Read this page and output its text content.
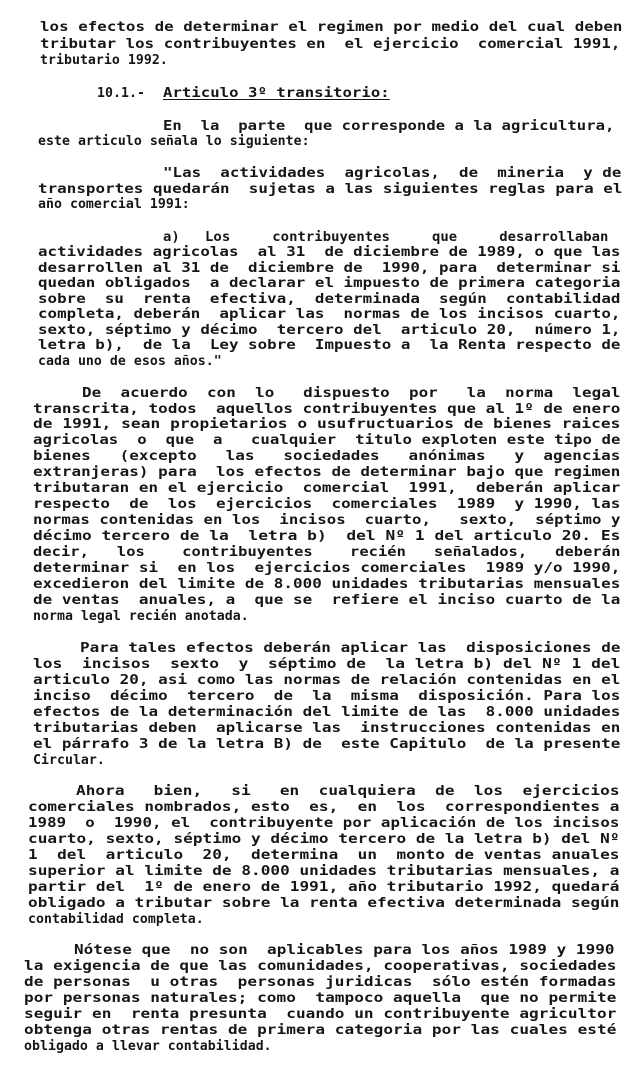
los efectos de determinar el regimen por medio del cual deben
tributar los contribuyentes en  el ejercicio  comercial 1991,
tributario 1992.
10.1.- Articulo 3º transitorio:
En  la  parte  que corresponde a la agricultura,
este articulo señala lo siguiente:
"Las  actividades  agricolas,  de  mineria  y de
transportes quedarán  sujetas a las siguientes reglas para el
año comercial 1991:
a)   Los     contribuyentes     que     desarrollaban
actividades agricolas  al 31  de diciembre de 1989, o que las
desarrollen al 31 de  diciembre de  1990, para  determinar si
quedan obligados  a declarar el impuesto de primera categoria
sobre  su  renta  efectiva,  determinada  según  contabilidad
completa, deberán  aplicar las  normas de los incisos cuarto,
sexto, séptimo y décimo  tercero del  articulo 20,  número 1,
letra b),  de la  Ley sobre  Impuesto a  la Renta respecto de
cada uno de esos años."
De  acuerdo  con  lo   dispuesto  por   la  norma  legal
transcrita, todos  aquellos contribuyentes que al 1º de enero
de 1991, sean propietarios o usufructuarios de bienes raices
agricolas  o  que  a   cualquier  titulo exploten este tipo de
bienes   (excepto   las   sociedades   anónimas   y  agencias
extranjeras) para  los efectos de determinar bajo que regimen
tributaran en el ejercicio  comercial  1991,  deberán aplicar
respecto  de  los  ejercicios  comerciales  1989  y 1990, las
normas contenidas en los  incisos  cuarto,   sexto,  séptimo y
décimo tercero de la  letra b)  del Nº 1 del articulo 20. Es
decir,   los    contribuyentes    recién   señalados,   deberán
determinar si  en los  ejercicios comerciales  1989 y/o 1990,
excedieron del limite de 8.000 unidades tributarias mensuales
de ventas  anuales, a  que se  refiere el inciso cuarto de la
norma legal recién anotada.
Para tales efectos deberán aplicar las  disposiciones de
los  incisos  sexto  y  séptimo de  la letra b) del Nº 1 del
articulo 20, asi como las normas de relación contenidas en el
inciso  décimo  tercero  de  la  misma  disposición. Para los
efectos de la determinación del limite de las  8.000 unidades
tributarias deben  aplicarse las  instrucciones contenidas en
el párrafo 3 de la letra B) de  este Capitulo  de la presente
Circular.
Ahora   bien,   si   en  cualquiera  de  los  ejercicios
comerciales nombrados, esto  es,  en  los  correspondientes a
1989  o  1990, el  contribuyente por aplicación de los incisos
cuarto, sexto, séptimo y décimo tercero de la letra b) del Nº
1  del  articulo  20,  determina  un  monto de ventas anuales
superior al limite de 8.000 unidades tributarias mensuales, a
partir del  1º de enero de 1991, año tributario 1992, quedará
obligado a tributar sobre la renta efectiva determinada según
contabilidad completa.
Nótese que  no son  aplicables para los años 1989 y 1990
la exigencia de que las comunidades, cooperativas, sociedades
de personas  u otras  personas juridicas  sólo estén formadas
por personas naturales; como  tampoco aquella  que no permite
seguir en  renta presunta  cuando un contribuyente agricultor
obtenga otras rentas de primera categoria por las cuales esté
obligado a llevar contabilidad.
